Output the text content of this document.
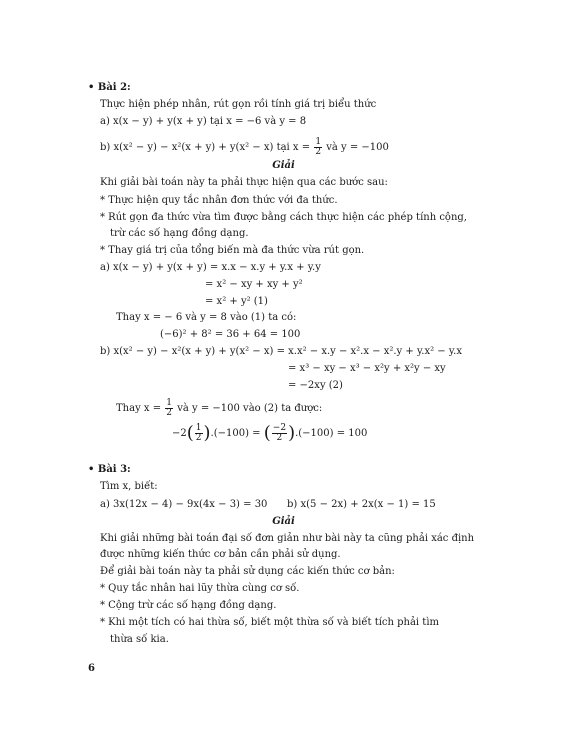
• Bài 2:
Thực hiện phép nhân, rút gọn rồi tính giá trị biểu thức
a) x(x − y) + y(x + y) tại x = −6 và y = 8
b) x(x² − y) − x²(x + y) + y(x² − x) tại $x = \frac{1}{2}$ và y = −100
Giải
Khi giải bài toán này ta phải thực hiện qua các bước sau:
* Thực hiện quy tắc nhân đơn thức với đa thức.
* Rút gọn đa thức vừa tìm được bằng cách thực hiện các phép tính cộng,
trừ các số hạng đồng dạng.
* Thay giá trị của tổng biến mà đa thức vừa rút gọn.
a) x(x − y) + y(x + y) = x.x − x.y + y.x + y.y
= x² − xy + xy + y²
= x² + y² (1)
Thay x = − 6 và y = 8 vào (1) ta có:
(−6)² + 8² = 36 + 64 = 100
b) x(x² − y) − x²(x + y) + y(x² − x) = x.x² − x.y − x².x − x².y + y.x² − y.x
= x³ − xy − x³ − x²y + x²y − xy
= −2xy (2)
Thay $x = \frac{1}{2}$ và y = −100 vào (2) ta được:
$-2( \frac{1}{2} ).(-100)$ = ( $\frac{-2}{2} ).(-100) = 100$
• Bài 3:
Tìm x, biết:
a) 3x(12x − 4) − 9x(4x − 3) = 30 b) x(5 − 2x) + 2x(x − 1) = 15
Giải
Khi giải những bài toán đại số đơn giản như bài này ta cũng phải xác định
được những kiến thức cơ bản cần phải sử dụng.
Để giải bài toán này ta phải sử dụng các kiến thức cơ bản:
* Quy tắc nhân hai lũy thừa cùng cơ số.
* Cộng trừ các số hạng đồng dạng.
* Khi một tích có hai thừa số, biết một thừa số và biết tích phải tìm
thừa số kia.
6
